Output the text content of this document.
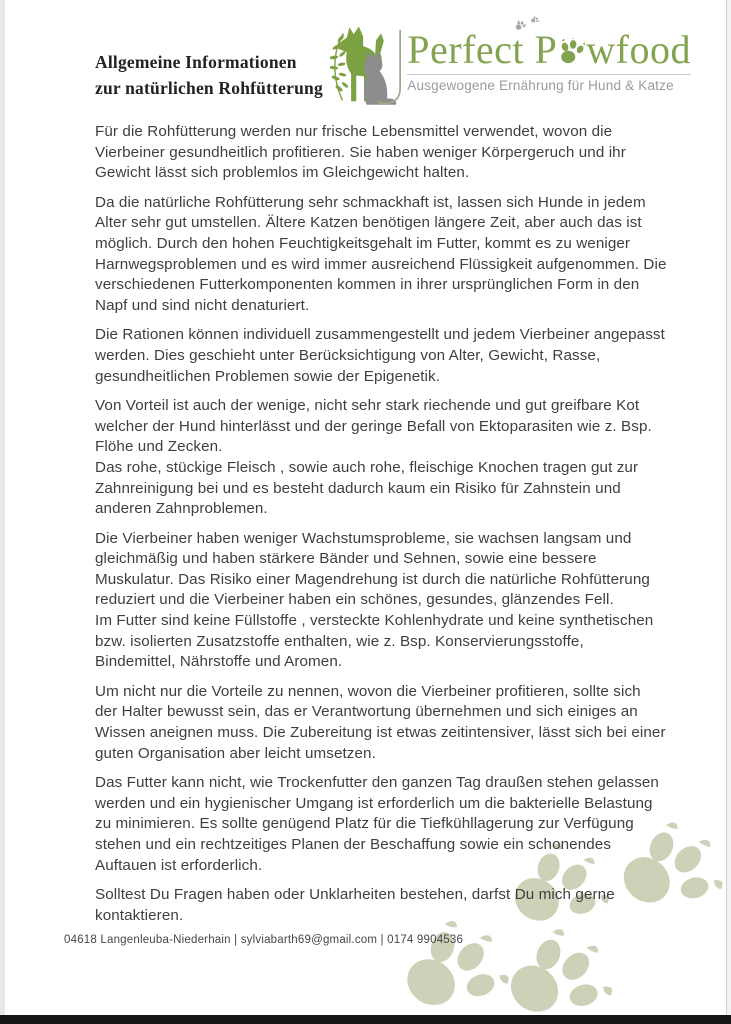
Allgemeine Informationen
zur natürlichen Rohfütterung
Perfect P wfood
Ausgewogene Ernährung für Hund & Katze

Für die Rohfütterung werden nur frische Lebensmittel verwendet, wovon die Vierbeiner gesundheitlich profitieren. Sie haben weniger Körpergeruch und ihr Gewicht lässt sich problemlos im Gleichgewicht halten.

Da die natürliche Rohfütterung sehr schmackhaft ist, lassen sich Hunde in jedem Alter sehr gut umstellen. Ältere Katzen benötigen längere Zeit, aber auch das ist möglich. Durch den hohen Feuchtigkeitsgehalt im Futter, kommt es zu weniger Harnwegsproblemen und es wird immer ausreichend Flüssigkeit aufgenommen. Die verschiedenen Futterkomponenten kommen in ihrer ursprünglichen Form in den Napf und sind nicht denaturiert.

Die Rationen können individuell zusammengestellt und jedem Vierbeiner angepasst werden. Dies geschieht unter Berücksichtigung von Alter, Gewicht, Rasse, gesundheitlichen Problemen sowie der Epigenetik.

Von Vorteil ist auch der wenige, nicht sehr stark riechende und gut greifbare Kot welcher der Hund hinterlässt und der geringe Befall von Ektoparasiten wie z. Bsp. Flöhe und Zecken.
Das rohe, stückige Fleisch , sowie auch rohe, fleischige Knochen tragen gut zur Zahnreinigung bei und es besteht dadurch kaum ein Risiko für Zahnstein und anderen Zahnproblemen.

Die Vierbeiner haben weniger Wachstumsprobleme, sie wachsen langsam und gleichmäßig und haben stärkere Bänder und Sehnen, sowie eine bessere Muskulatur. Das Risiko einer Magendrehung ist durch die natürliche Rohfütterung reduziert und die Vierbeiner haben ein schönes, gesundes, glänzendes Fell.
Im Futter sind keine Füllstoffe , versteckte Kohlenhydrate und keine synthetischen bzw. isolierten Zusatzstoffe enthalten, wie z. Bsp. Konservierungsstoffe, Bindemittel, Nährstoffe und Aromen.

Um nicht nur die Vorteile zu nennen, wovon die Vierbeiner profitieren, sollte sich der Halter bewusst sein, das er Verantwortung übernehmen und sich einiges an Wissen aneignen muss. Die Zubereitung ist etwas zeitintensiver, lässt sich bei einer guten Organisation aber leicht umsetzen.

Das Futter kann nicht, wie Trockenfutter den ganzen Tag draußen stehen gelassen werden und ein hygienischer Umgang ist erforderlich um die bakterielle Belastung zu minimieren. Es sollte genügend Platz für die Tiefkühllagerung zur Verfügung stehen und ein rechtzeitiges Planen der Beschaffung sowie ein schonendes Auftauen ist erforderlich.

Solltest Du Fragen haben oder Unklarheiten bestehen, darfst Du mich gerne kontaktieren.

04618 Langenleuba-Niederhain | sylviabarth69@gmail.com | 0174 9904536
